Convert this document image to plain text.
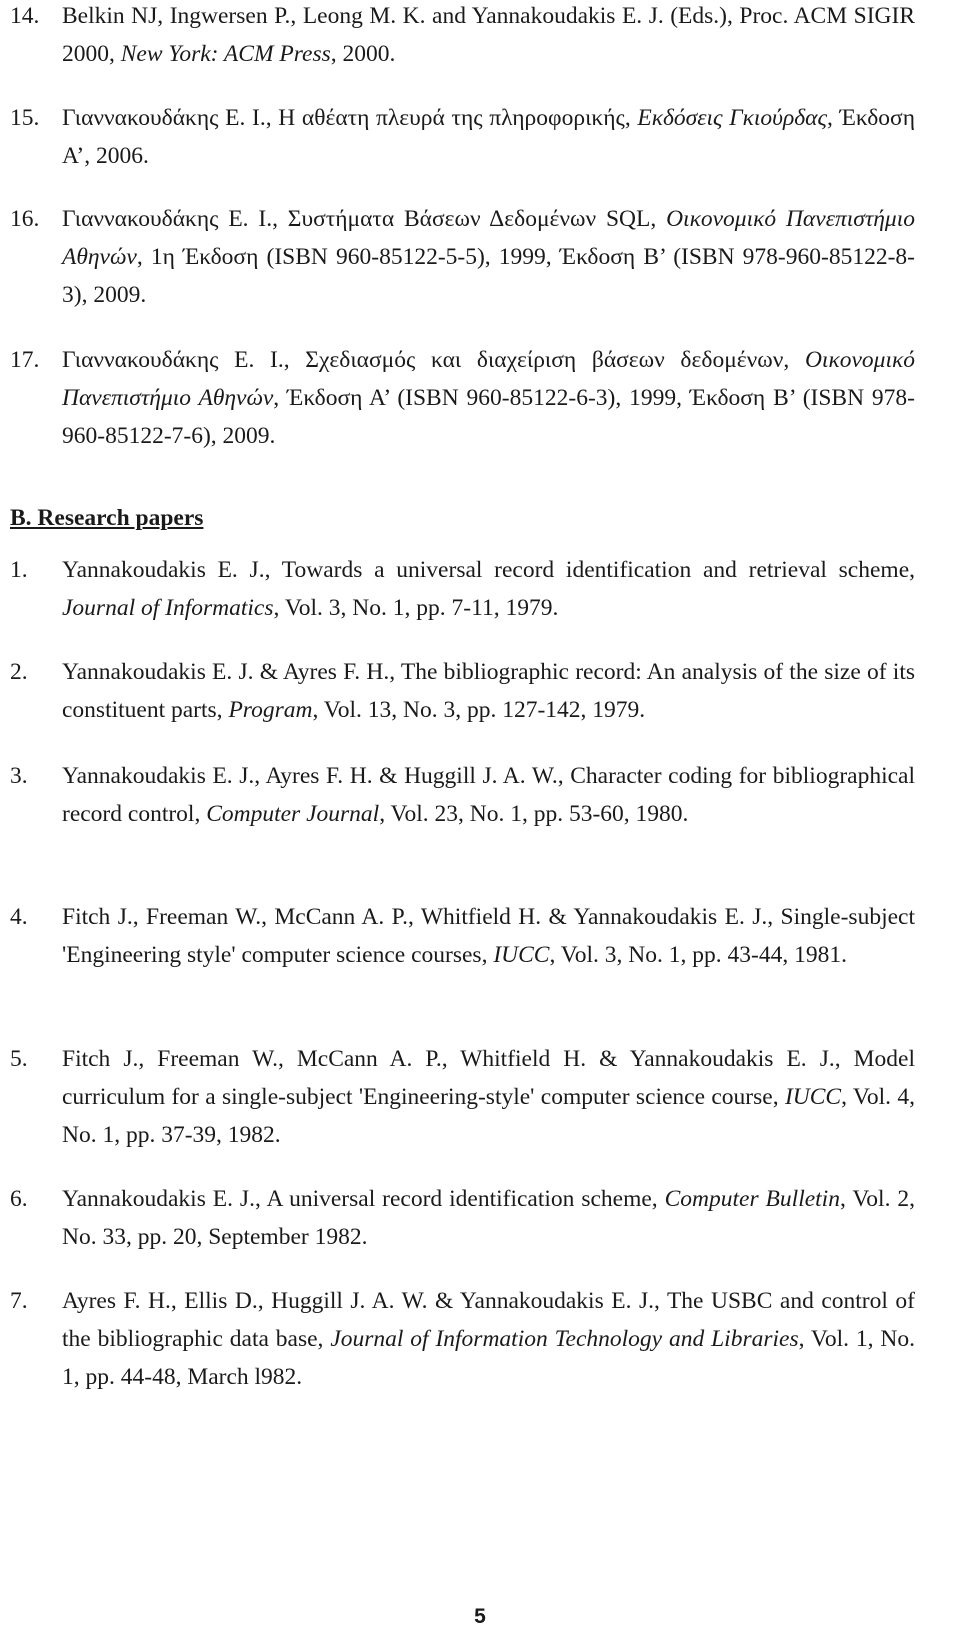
14. Belkin NJ, Ingwersen P., Leong M. K. and Yannakoudakis E. J. (Eds.), Proc. ACM SIGIR 2000, New York: ACM Press, 2000.
15. Γιαννακουδάκης Ε. Ι., Η αθέατη πλευρά της πληροφορικής, Εκδόσεις Γκιούρδας, Έκδοση Α’, 2006.
16. Γιαννακουδάκης Ε. Ι., Συστήματα Βάσεων Δεδομένων SQL, Οικονομικό Πανεπιστήμιο Αθηνών, 1η Έκδοση (ISBN 960-85122-5-5), 1999, Έκδοση Β’ (ISBN 978-960-85122-8-3), 2009.
17. Γιαννακουδάκης Ε. Ι., Σχεδιασμός και διαχείριση βάσεων δεδομένων, Οικονομικό Πανεπιστήμιο Αθηνών, Έκδοση Α’ (ISBN 960-85122-6-3), 1999, Έκδοση Β’ (ISBN 978-960-85122-7-6), 2009.
B. Research papers
1.	Yannakoudakis E. J., Towards a universal record identification and retrieval scheme, Journal of Informatics, Vol. 3, No. 1, pp. 7-11, 1979.
2.	Yannakoudakis E. J. & Ayres F. H., The bibliographic record: An analysis of the size of its constituent parts, Program, Vol. 13, No. 3, pp. 127-142, 1979.
3.	Yannakoudakis E. J., Ayres F. H. & Huggill J. A. W., Character coding for bibliographical record control, Computer Journal, Vol. 23, No. 1, pp. 53-60, 1980.
4.	Fitch J., Freeman W., McCann A. P., Whitfield H. & Yannakoudakis E. J., Single-subject 'Engineering style' computer science courses, IUCC, Vol. 3, No. 1, pp. 43-44, 1981.
5.	Fitch J., Freeman W., McCann A. P., Whitfield H. & Yannakoudakis E. J., Model curriculum for a single-subject 'Engineering-style' computer science course, IUCC, Vol. 4, No. 1, pp. 37-39, 1982.
6.	Yannakoudakis E. J., A universal record identification scheme, Computer Bulletin, Vol. 2, No. 33, pp. 20, September 1982.
7.	Ayres F. H., Ellis D., Huggill J. A. W. & Yannakoudakis E. J., The USBC and control of the bibliographic data base, Journal of Information Technology and Libraries, Vol. 1, No. 1, pp. 44-48, March l982.
5
